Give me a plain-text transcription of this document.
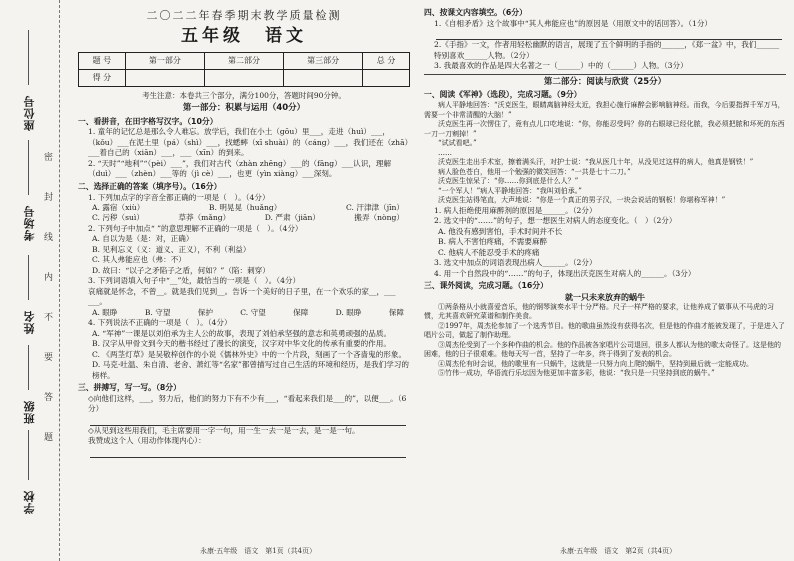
学校
班级
姓名
考场号
座位号
密
封
线
内
不
要
答
题
二〇二二年春季期末教学质量检测
五年级　语文
题 号	第一部分	第二部分	第三部分	总 分
得 分				
考生注意：本卷共三个部分，满分100分，答题时间90分钟。
第一部分：积累与运用（40分）
一、看拼音，在田字格写汉字。（10分）
1. 童年的记忆总是那么令人难忘。放学后，我们在小土（gōu）里___，走进（huì）___，（kǒu）___在泥土里（pá）（shì）___，找蟋蟀（xī shuài）的（cáng）___，我们还在（zhā）___着自己的（xiān）___，___（xīn）的到来。
2. “天时”“地利”“（pèi）___”，我们对古代（zhàn zhēng）___的（fāng）___认识，理解（duì）___（zhèn）___等的（jì cè）___，也更（yìn xiàng）___深刻。
二、选择正确的答案（填序号）。（16分）
1. 下列加点字的字音全都正确的一项是（　）。（4分）
A. 露宿（xiù）	B. 明晃晃（huǎng）	C. 汗津津（jīn）
C. 污秽（suì）	草莽（mǎng）	D. 严肃（jiān）	搬弄（nòng）
2. 下列句子中加点“ ”的意思理解不正确的一项是（　）。（4分）
A. 自以为是（是：对，正确）
B. 见利忘义（义：道义、正义），不利（利益）
C. 其人弗能应也（弗：不）
D. 故曰：“以子之矛陷子之盾，何如？”（陷：刺穿）
3. 下列词语填入句子中“__”处，最恰当的一项是（　）。（4分）
哀痛就是怀念，不曾__。就是我们见到__。告诉一个美好的日子里，在一个欢乐的家__，___ ___。
A. 眼睁	B. 守望	保护	C. 守望	保障	D. 眼睁	保障
4. 下列说法不正确的一项是（　）。（4分）
A. “军神”一课是以刘伯承为主人公的故事，表现了刘伯承坚强的意志和英勇顽强的品质。
B. 汉字从甲骨文到今天的楷书经过了漫长的演变，汉字对中华文化的传承有重要的作用。
C. 《两茎灯草》是吴敬梓创作的小说《儒林外史》中的一个片段，刻画了一个吝啬鬼的形象。
D. 马克·吐温、朱自清、老舍、萧红等“名家”都曾描写过自己生活的环境和经历，是我们学习的榜样。
三、拼搏写，写一写。（8分）
◇向他们这样，___，努力后，他们的努力下有不少有___，“看起来我们是___的”，以便___。（6分）
◇从见到这些用我们，毛主席要用一字一句，用一生一去一是一去，是一是一句。
我赞成这个人（用动作体现内心）：
永康·五年级　语文　第1页（共4页）
四、按课文内容填空。（6分）
1.《自相矛盾》这个故事中“其人弗能应也”的原因是（用原文中的话回答）。（1分）
2.《手指》一文，作者用轻松幽默的语言，展现了五个鲜明的手指的______，《郑一盆》中，我们______特别喜欢______人物。（2分）
3. 我最喜欢的作品是四大名著之一（______）中的（______）人物。（3分）
第二部分：阅读与欣赏（25分）
一、阅读《军神》（选段），完成习题。（9分）
病人平静地回答：“沃克医生，眼睛离脑神经太近，我担心施行麻醉会影响脑神经。而我，今后要指挥千军万马，需要一个非常清醒的大脑！”
沃克医生再一次愣住了，竟有点儿口吃地说：“你，你能忍受吗？你的右眼球已经化脓，我必须把脓和坏死的东西一刀一刀剜掉！”
“试试看吧。”
……
沃克医生走出手术室，擦着满头汗，对护士说：“我从医几十年，从没见过这样的病人，他真是钢铁！”
病人脸色苍白，他用一个勉强的微笑回答：“一共是七十二刀。”
沃克医生惊呆了：“你……你到底是什么人？”
“一个军人！”病人平静地回答：“我叫刘伯承。”
沃克医生站得笔直，大声地说：“你是一个真正的男子汉，一块会说话的钢板！你堪称军神！”
1. 病人拒绝使用麻醉剂的原因是______。（2分）
2. 选文中的“……”的句子，想一想医生对病人的态度变化。（　）（2分）
A. 他没有感到害怕，手术时间并不长
B. 病人不害怕疼痛，不需要麻醉
C. 他病人不能忍受手术的疼痛
3. 选文中加点的词语表现出病人______。（2分）
4. 用一个自然段中的“……”的句子，体现出沃克医生对病人的______。（3分）
三、课外阅读，完成习题。（16分）
就一只未来放弃的蜗牛
①两条格从小就喜爱音乐，他的钢琴演奏水平十分严格。尺子一样严格的要求，让他养成了做事从不马虎的习惯，尤其喜欢研究菜谱和制作美食。
②1997年，周杰伦参加了一个选秀节目。他的歌曲虽然没有获得名次，但是他的作曲才能被发现了，于是进入了唱片公司，做起了制作助理。
③周杰伦受到了一个多种作曲的机会。他的作品被各家唱片公司退回，很多人都认为他的歌太奇怪了。这是他的困难，他的日子很艰难。他每天写一首，坚持了一年多，终于得到了发表的机会。
④周杰伦有时会说，他的歌里有一只蜗牛，这就是一只努力向上爬的蜗牛，坚持到最后就一定能成功。
⑤竹伟一成功，华语流行乐坛因为他更加丰富多彩，他说：“我只是一只坚持到底的蜗牛。”
永康·五年级　语文　第2页（共4页）
